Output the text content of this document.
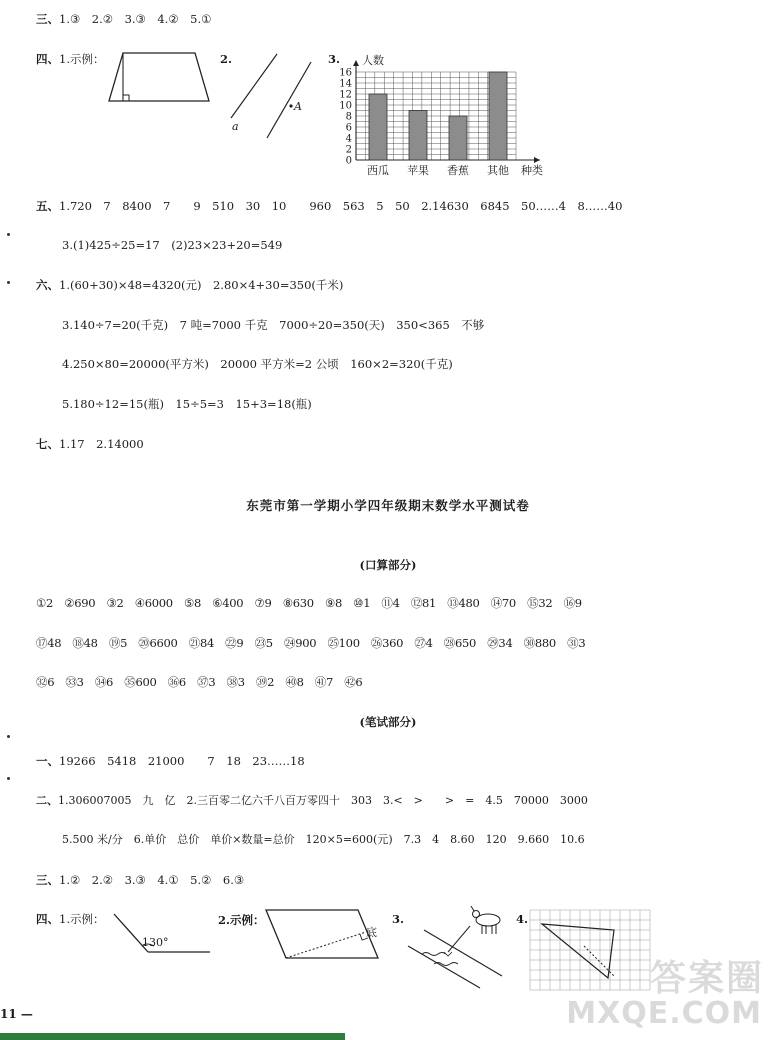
三、1.③　2.②　3.③　4.②　5.①
四、1.示例：	2.	3.
A
a
0
2
4
6
8
10
12
14
16
人数
西瓜 苹果 香蕉 其他 种类
五、1.720　7　8400　7　　9　510　30　10　　960　563　5　50　2.14630　6845　50……4　8……40
3.(1)425÷25=17　(2)23×23+20=549
六、1.(60+30)×48=4320(元)　2.80×4+30=350(千米)
3.140÷7=20(千克)　7 吨=7000 千克　7000÷20=350(天)　350<365　不够
4.250×80=20000(平方米)　20000 平方米=2 公顷　160×2=320(千克)
5.180÷12=15(瓶)　15÷5=3　15+3=18(瓶)
七、1.17　2.14000
东莞市第一学期小学四年级期末数学水平测试卷
(口算部分)
①2　②690　③2　④6000　⑤8　⑥400　⑦9　⑧630　⑨8　⑩1　⑪4　⑫81　⑬480　⑭70　⑮32　⑯9
⑰48　⑱48　⑲5　⑳6600　㉑84　㉒9　㉓5　㉔900　㉕100　㉖360　㉗4　㉘650　㉙34　㉚880　㉛3
㉜6　㉝3　㉞6　㉟600　㊱6　㊲3　㊳3　㊴2　㊵8　㊶7　㊷6
(笔试部分)
一、19266　5418　21000　　7　18　23……18
二、1.306007005　九　亿　2.三百零二亿六千八百万零四十　303　3.<　>　　>　=　4.5　70000　3000
5.500 米/分　6.单价　总价　单价×数量=总价　120×5=600(元)　7.3　4　8.60　120　9.660　10.6
三、1.②　2.②　3.③　4.①　5.②　6.③
四、1.示例：	2.示例：	3.	4.
130°
底
答案圈
MXQE.COM
11 —
